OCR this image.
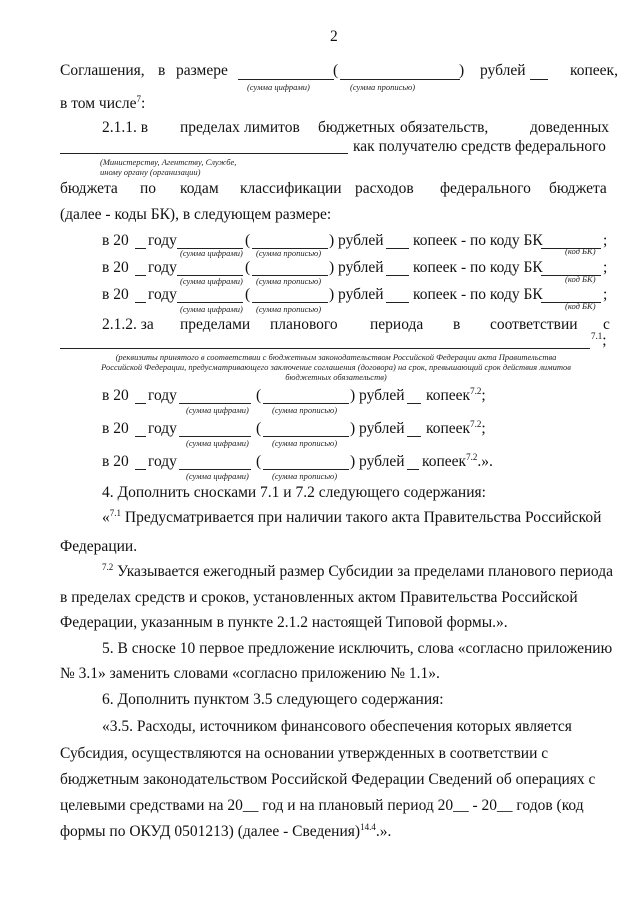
2
Соглашения, в размере	(	) рублей	копеек,
(сумма цифрами)	(сумма прописью)
в том числе$^7$:
2.1.1. в пределах лимитов бюджетных обязательств,	доведенных
как получателю средств федерального
(Министерству, Агентству, Службе,
иному органу (организации)
бюджета по кодам классификации расходов федерального бюджета
(далее - коды БК), в следующем размере:
в 20 году	(	) рублей копеек - по коду БК	;
(сумма цифрами) (сумма прописью)	(код БК)
в 20 году	(	) рублей копеек - по коду БК	;
(сумма цифрами) (сумма прописью)	(код БК)
в 20 году	(	) рублей копеек - по коду БК	;
(сумма цифрами) (сумма прописью)	(код БК)
2.1.2. за пределами планового периода в соответствии с
$^{7.1}$;
(реквизиты принятого в соответствии с бюджетным законодательством Российской Федерации акта Правительства
Российской Федерации, предусматривающего заключение соглашения (договора) на срок, превышающий срок действия лимитов
бюджетных обязательств)
в 20 году	(	) рублей копеек$^{7.2}$;
(сумма цифрами)	(сумма прописью)
в 20 году	(	) рублей копеек$^{7.2}$;
(сумма цифрами)	(сумма прописью)
в 20 году	(	) рублей копеек$^{7.2}$.».
(сумма цифрами)	(сумма прописью)
4. Дополнить сносками 7.1 и 7.2 следующего содержания:
«$^{7.1}$ Предусматривается при наличии такого акта Правительства Российской
Федерации.
$^{7.2}$ Указывается ежегодный размер Субсидии за пределами планового периода
в пределах средств и сроков, установленных актом Правительства Российской
Федерации, указанным в пункте 2.1.2 настоящей Типовой формы.».
5. В сноске 10 первое предложение исключить, слова «согласно приложению
№ 3.1» заменить словами «согласно приложению № 1.1».
6. Дополнить пунктом 3.5 следующего содержания:
«3.5. Расходы, источником финансового обеспечения которых является
Субсидия, осуществляются на основании утвержденных в соответствии с
бюджетным законодательством Российской Федерации Сведений об операциях с
целевыми средствами на 20__ год и на плановый период 20__ - 20__ годов (код
формы по ОКУД 0501213) (далее - Сведения)$^{14.4}$.».
